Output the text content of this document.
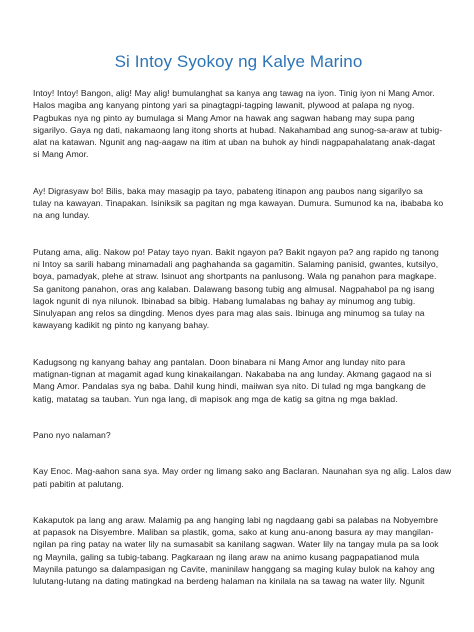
Si Intoy Syokoy ng Kalye Marino
Intoy! Intoy! Bangon, alig! May alig! bumulanghat sa kanya ang tawag na iyon. Tinig iyon ni Mang Amor.
Halos magiba ang kanyang pintong yari sa pinagtagpi-tagping lawanit, plywood at palapa ng nyog.
Pagbukas nya ng pinto ay bumulaga si Mang Amor na hawak ang sagwan habang may supa pang
sigarilyo. Gaya ng dati, nakamaong lang itong shorts at hubad. Nakahambad ang sunog-sa-araw at tubig-
alat na katawan. Ngunit ang nag-aagaw na itim at uban na buhok ay hindi nagpapahalatang anak-dagat
si Mang Amor.
Ay! Digrasyaw bo! Bilis, baka may masagip pa tayo, pabateng itinapon ang paubos nang sigarilyo sa
tulay na kawayan. Tinapakan. Isiniksik sa pagitan ng mga kawayan. Dumura. Sumunod ka na, ibababa ko
na ang lunday.
Putang ama, alig. Nakow po! Patay tayo nyan. Bakit ngayon pa? Bakit ngayon pa? ang rapido ng tanong
ni Intoy sa sarili habang minamadali ang paghahanda sa gagamitin. Salaming panisid, gwantes, kutsilyo,
boya, pamadyak, plehe at straw. Isinuot ang shortpants na panlusong. Wala ng panahon para magkape.
Sa ganitong panahon, oras ang kalaban. Dalawang basong tubig ang almusal. Nagpahabol pa ng isang
lagok ngunit di nya nilunok. Ibinabad sa bibig. Habang lumalabas ng bahay ay minumog ang tubig.
Sinulyapan ang relos sa dingding. Menos dyes para mag alas sais. Ibinuga ang minumog sa tulay na
kawayang kadikit ng pinto ng kanyang bahay.
Kadugsong ng kanyang bahay ang pantalan. Doon binabara ni Mang Amor ang lunday nito para
matignan-tignan at magamit agad kung kinakailangan. Nakababa na ang lunday. Akmang gagaod na si
Mang Amor. Pandalas sya ng baba. Dahil kung hindi, maiiwan sya nito. Di tulad ng mga bangkang de
katig, matatag sa tauban. Yun nga lang, di mapisok ang mga de katig sa gitna ng mga baklad.
Pano nyo nalaman?
Kay Enoc. Mag-aahon sana sya. May order ng limang sako ang Baclaran. Naunahan sya ng alig. Lalos daw
pati pabitin at palutang.
Kakaputok pa lang ang araw. Malamig pa ang hanging labi ng nagdaang gabi sa palabas na Nobyembre
at papasok na Disyembre. Maliban sa plastik, goma, sako at kung anu-anong basura ay may mangilan-
ngilan pa ring patay na water lily na sumasabit sa kanilang sagwan. Water lily na tangay mula pa sa look
ng Maynila, galing sa tubig-tabang. Pagkaraan ng ilang araw na animo kusang pagpapatianod mula
Maynila patungo sa dalampasigan ng Cavite, maninilaw hanggang sa maging kulay bulok na kahoy ang
lulutang-lutang na dating matingkad na berdeng halaman na kinilala na sa tawag na water lily. Ngunit
